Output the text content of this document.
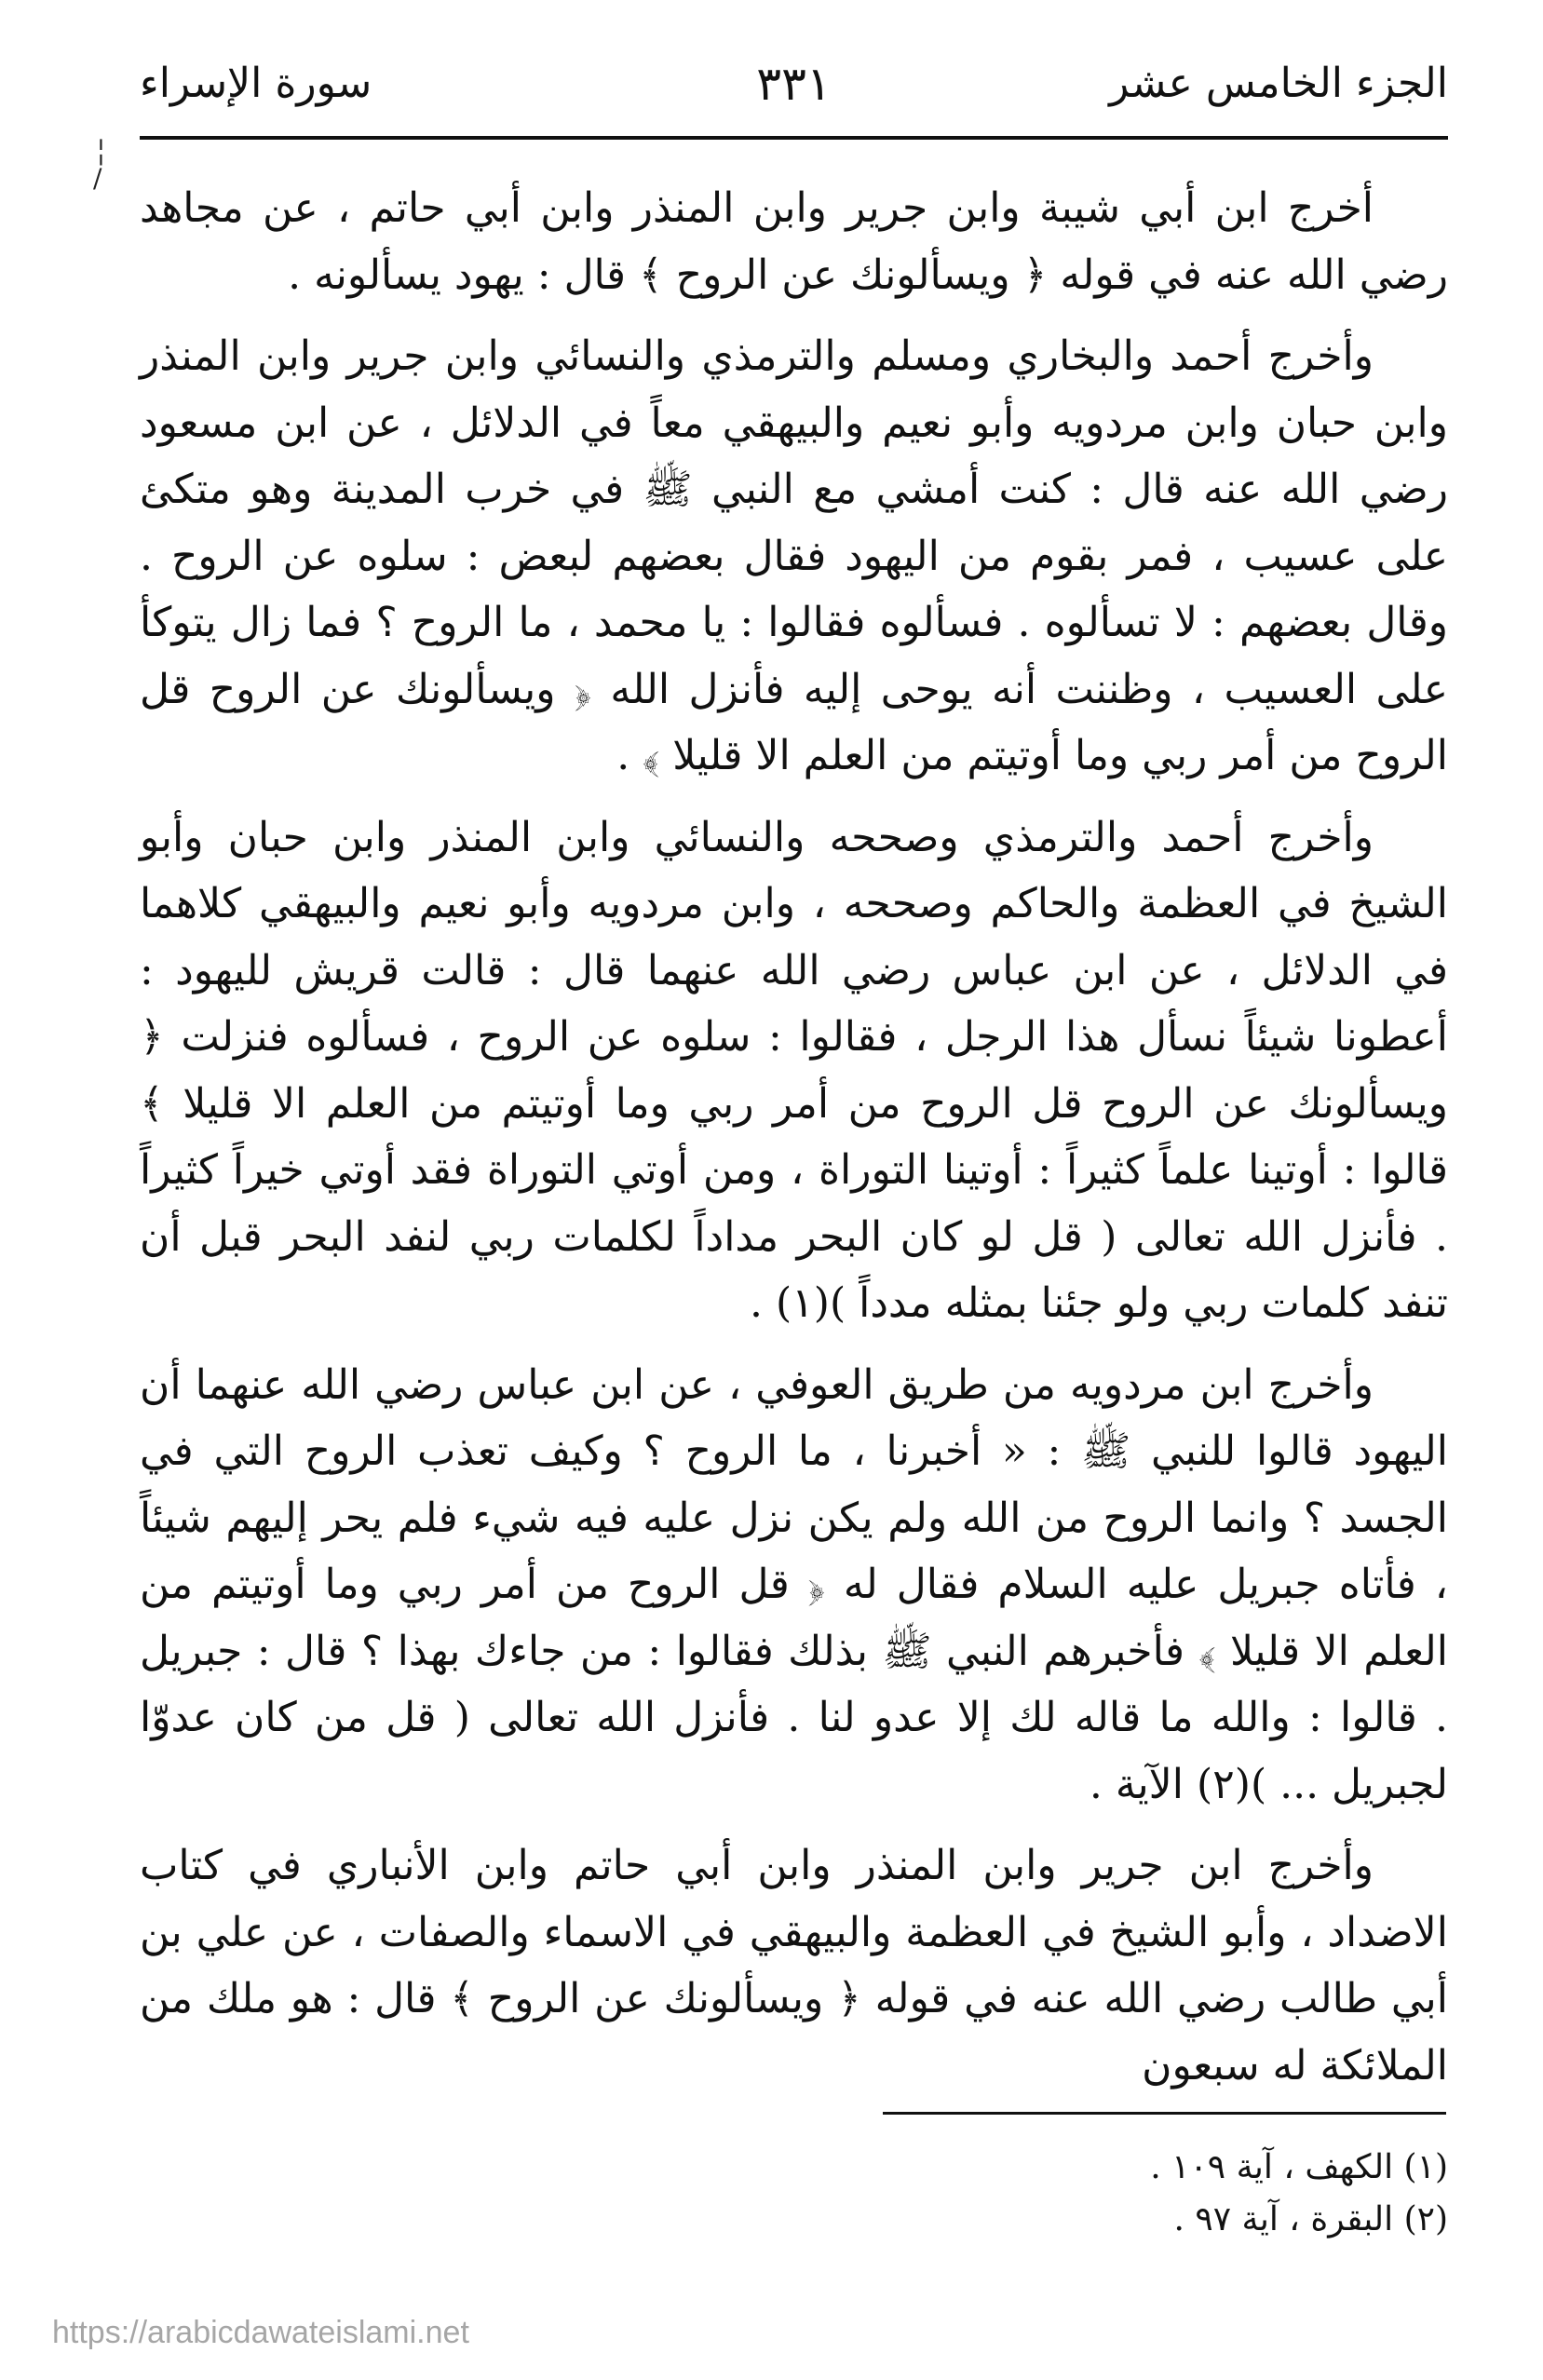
الجزء الخامس عشر
٣٣١
سورة الإسراء
╎
/

أخرج ابن أبي شيبة وابن جرير وابن المنذر وابن أبي حاتم ، عن مجاهد رضي الله عنه في قوله ﴿ ويسألونك عن الروح ﴾ قال : يهود يسألونه .

وأخرج أحمد والبخاري ومسلم والترمذي والنسائي وابن جرير وابن المنذر وابن حبان وابن مردويه وأبو نعيم والبيهقي معاً في الدلائل ، عن ابن مسعود رضي الله عنه قال : كنت أمشي مع النبي ﷺ في خرب المدينة وهو متكئ على عسيب ، فمر بقوم من اليهود فقال بعضهم لبعض : سلوه عن الروح . وقال بعضهم : لا تسألوه . فسألوه فقالوا : يا محمد ، ما الروح ؟ فما زال يتوكأ على العسيب ، وظننت أنه يوحى إليه فأنزل الله ﴿ ويسألونك عن الروح قل الروح من أمر ربي وما أوتيتم من العلم الا قليلا ﴾ .

وأخرج أحمد والترمذي وصححه والنسائي وابن المنذر وابن حبان وأبو الشيخ في العظمة والحاكم وصححه ، وابن مردويه وأبو نعيم والبيهقي كلاهما في الدلائل ، عن ابن عباس رضي الله عنهما قال : قالت قريش لليهود : أعطونا شيئاً نسأل هذا الرجل ، فقالوا : سلوه عن الروح ، فسألوه فنزلت ﴿ ويسألونك عن الروح قل الروح من أمر ربي وما أوتيتم من العلم الا قليلا ﴾ قالوا : أوتينا علماً كثيراً : أوتينا التوراة ، ومن أوتي التوراة فقد أوتي خيراً كثيراً . فأنزل الله تعالى ( قل لو كان البحر مداداً لكلمات ربي لنفد البحر قبل أن تنفد كلمات ربي ولو جئنا بمثله مدداً )(١) .

وأخرج ابن مردويه من طريق العوفي ، عن ابن عباس رضي الله عنهما أن اليهود قالوا للنبي ﷺ : « أخبرنا ، ما الروح ؟ وكيف تعذب الروح التي في الجسد ؟ وانما الروح من الله ولم يكن نزل عليه فيه شيء فلم يحر إليهم شيئاً ، فأتاه جبريل عليه السلام فقال له ﴿ قل الروح من أمر ربي وما أوتيتم من العلم الا قليلا ﴾ فأخبرهم النبي ﷺ بذلك فقالوا : من جاءك بهذا ؟ قال : جبريل . قالوا : والله ما قاله لك إلا عدو لنا . فأنزل الله تعالى ( قل من كان عدوّا لجبريل ... )(٢) الآية .

وأخرج ابن جرير وابن المنذر وابن أبي حاتم وابن الأنباري في كتاب الاضداد ، وأبو الشيخ في العظمة والبيهقي في الاسماء والصفات ، عن علي بن أبي طالب رضي الله عنه في قوله ﴿ ويسألونك عن الروح ﴾ قال : هو ملك من الملائكة له سبعون

(١) الكهف ، آية ١٠٩ .
(٢) البقرة ، آية ٩٧ .
https://arabicdawateislami.net
